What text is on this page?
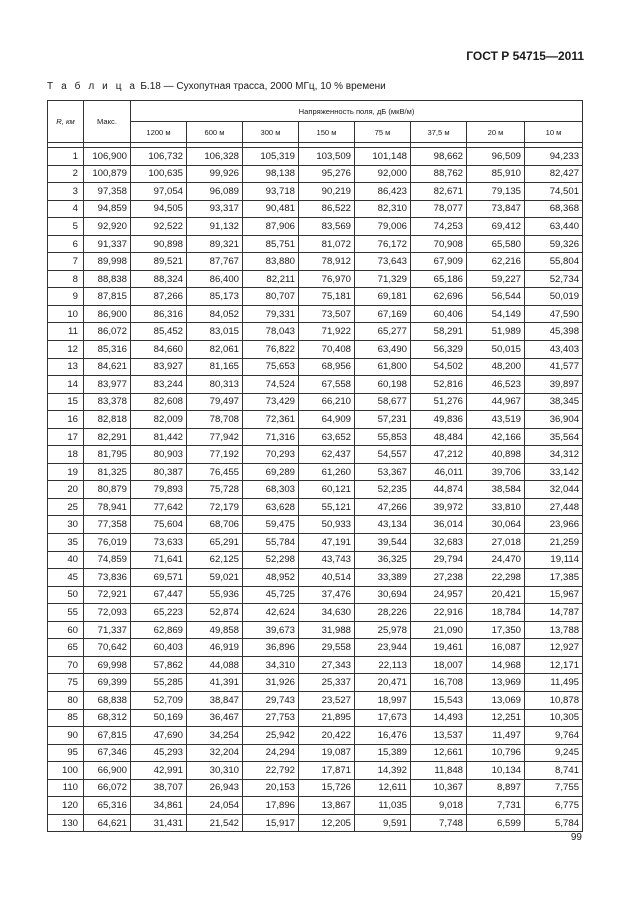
ГОСТ Р 54715—2011
Т а б л и ц а Б.18 — Сухопутная трасса, 2000 МГц, 10 % времени
R, км	Макс.	Напряженность поля, дБ (мкВ/м)							
		1200 м	600 м	300 м	150 м	75 м	37,5 м	20 м	10 м

1	106,900	106,732	106,328	105,319	103,509	101,148	98,662	96,509	94,233
2	100,879	100,635	99,926	98,138	95,276	92,000	88,762	85,910	82,427
3	97,358	97,054	96,089	93,718	90,219	86,423	82,671	79,135	74,501
4	94,859	94,505	93,317	90,481	86,522	82,310	78,077	73,847	68,368
5	92,920	92,522	91,132	87,906	83,569	79,006	74,253	69,412	63,440
6	91,337	90,898	89,321	85,751	81,072	76,172	70,908	65,580	59,326
7	89,998	89,521	87,767	83,880	78,912	73,643	67,909	62,216	55,804
8	88,838	88,324	86,400	82,211	76,970	71,329	65,186	59,227	52,734
9	87,815	87,266	85,173	80,707	75,181	69,181	62,696	56,544	50,019
10	86,900	86,316	84,052	79,331	73,507	67,169	60,406	54,149	47,590
11	86,072	85,452	83,015	78,043	71,922	65,277	58,291	51,989	45,398
12	85,316	84,660	82,061	76,822	70,408	63,490	56,329	50,015	43,403
13	84,621	83,927	81,165	75,653	68,956	61,800	54,502	48,200	41,577
14	83,977	83,244	80,313	74,524	67,558	60,198	52,816	46,523	39,897
15	83,378	82,608	79,497	73,429	66,210	58,677	51,276	44,967	38,345
16	82,818	82,009	78,708	72,361	64,909	57,231	49,836	43,519	36,904
17	82,291	81,442	77,942	71,316	63,652	55,853	48,484	42,166	35,564
18	81,795	80,903	77,192	70,293	62,437	54,557	47,212	40,898	34,312
19	81,325	80,387	76,455	69,289	61,260	53,367	46,011	39,706	33,142
20	80,879	79,893	75,728	68,303	60,121	52,235	44,874	38,584	32,044
25	78,941	77,642	72,179	63,628	55,121	47,266	39,972	33,810	27,448
30	77,358	75,604	68,706	59,475	50,933	43,134	36,014	30,064	23,966
35	76,019	73,633	65,291	55,784	47,191	39,544	32,683	27,018	21,259
40	74,859	71,641	62,125	52,298	43,743	36,325	29,794	24,470	19,114
45	73,836	69,571	59,021	48,952	40,514	33,389	27,238	22,298	17,385
50	72,921	67,447	55,936	45,725	37,476	30,694	24,957	20,421	15,967
55	72,093	65,223	52,874	42,624	34,630	28,226	22,916	18,784	14,787
60	71,337	62,869	49,858	39,673	31,988	25,978	21,090	17,350	13,788
65	70,642	60,403	46,919	36,896	29,558	23,944	19,461	16,087	12,927
70	69,998	57,862	44,088	34,310	27,343	22,113	18,007	14,968	12,171
75	69,399	55,285	41,391	31,926	25,337	20,471	16,708	13,969	11,495
80	68,838	52,709	38,847	29,743	23,527	18,997	15,543	13,069	10,878
85	68,312	50,169	36,467	27,753	21,895	17,673	14,493	12,251	10,305
90	67,815	47,690	34,254	25,942	20,422	16,476	13,537	11,497	9,764
95	67,346	45,293	32,204	24,294	19,087	15,389	12,661	10,796	9,245
100	66,900	42,991	30,310	22,792	17,871	14,392	11,848	10,134	8,741
110	66,072	38,707	26,943	20,153	15,726	12,611	10,367	8,897	7,755
120	65,316	34,861	24,054	17,896	13,867	11,035	9,018	7,731	6,775
130	64,621	31,431	21,542	15,917	12,205	9,591	7,748	6,599	5,784
99
